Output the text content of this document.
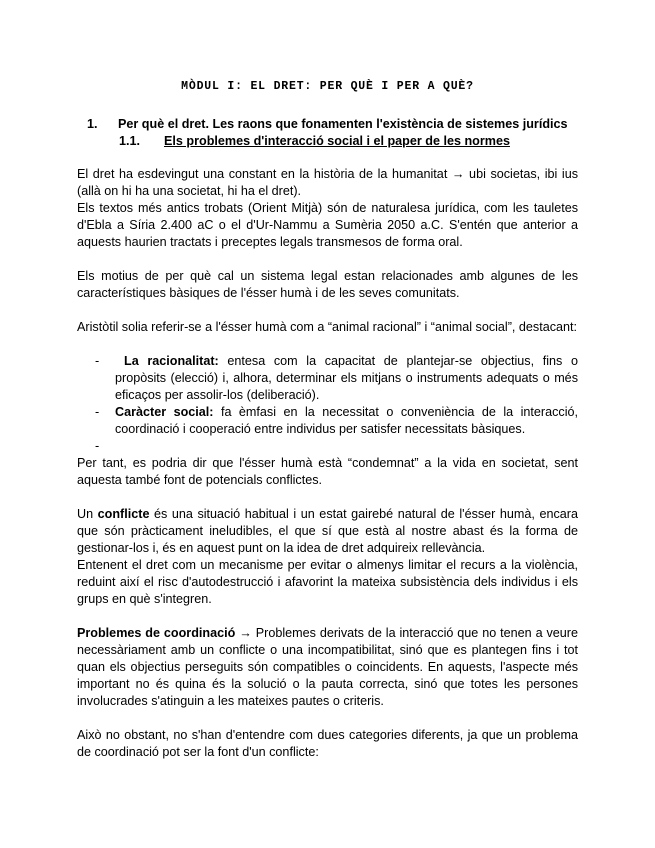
MÒDUL I: EL DRET: PER QUÈ I PER A QUÈ?
1. Per què el dret. Les raons que fonamenten l'existència de sistemes jurídics
1.1. Els problemes d'interacció social i el paper de les normes

El dret ha esdevingut una constant en la història de la humanitat → ubi societas, ibi ius (allà on hi ha una societat, hi ha el dret).

Els textos més antics trobats (Orient Mitjà) són de naturalesa jurídica, com les tauletes d'Ebla a Síria 2.400 aC o el d'Ur-Nammu a Sumèria 2050 a.C. S'entén que anterior a aquests haurien tractats i preceptes legals transmesos de forma oral.

Els motius de per què cal un sistema legal estan relacionades amb algunes de les característiques bàsiques de l'ésser humà i de les seves comunitats.

Aristòtil solia referir-se a l'ésser humà com a “animal racional” i “animal social”, destacant:

- La racionalitat: entesa com la capacitat de plantejar-se objectius, fins o propòsits (elecció) i, alhora, determinar els mitjans o instruments adequats o més eficaços per assolir-los (deliberació).
- Caràcter social: fa èmfasi en la necessitat o conveniència de la interacció, coordinació i cooperació entre individus per satisfer necessitats bàsiques.
-

Per tant, es podria dir que l'ésser humà està “condemnat” a la vida en societat, sent aquesta també font de potencials conflictes.

Un conflicte és una situació habitual i un estat gairebé natural de l'ésser humà, encara que són pràcticament ineludibles, el que sí que està al nostre abast és la forma de gestionar-los i, és en aquest punt on la idea de dret adquireix rellevància.

Entenent el dret com un mecanisme per evitar o almenys limitar el recurs a la violència, reduint així el risc d'autodestrucció i afavorint la mateixa subsistència dels individus i els grups en què s'integren.

Problemes de coordinació → Problemes derivats de la interacció que no tenen a veure necessàriament amb un conflicte o una incompatibilitat, sinó que es plantegen fins i tot quan els objectius perseguits són compatibles o coincidents. En aquests, l'aspecte més important no és quina és la solució o la pauta correcta, sinó que totes les persones involucrades s'atinguin a les mateixes pautes o criteris.

Això no obstant, no s'han d'entendre com dues categories diferents, ja que un problema de coordinació pot ser la font d'un conflicte:
